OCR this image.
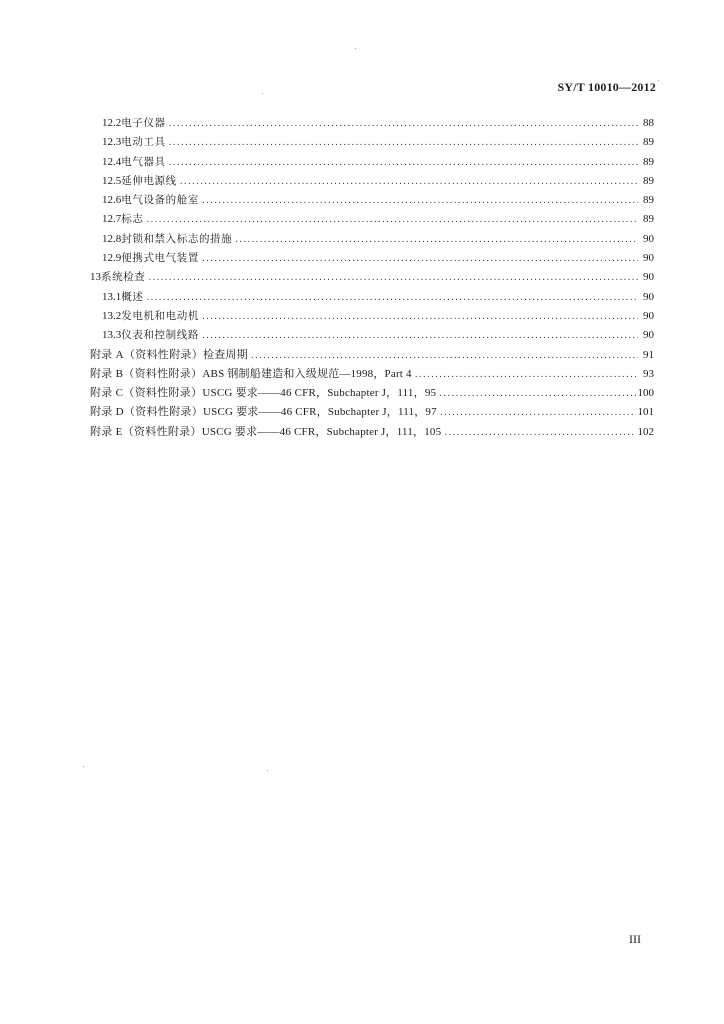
SY/T 10010—2012
12.2 电子仪器 .....	88
12.3 电动工具 .....	89
12.4 电气器具 .....	89
12.5 延伸电源线 .....	89
12.6 电气设备的舱室 .....	89
12.7 标志 .....	89
12.8 封锁和禁入标志的措施 .....	90
12.9 便携式电气装置 .....	90
13 系统检查 .....	90
13.1 概述 .....	90
13.2 发电机和电动机 .....	90
13.3 仪表和控制线路 .....	90
附录 A（资料性附录） 检查周期 .....	91
附录 B（资料性附录） ABS 钢制船建造和入级规范—1998，Part 4 .....	93
附录 C（资料性附录） USCG 要求——46 CFR，Subchapter J，111，95 .....	100
附录 D（资料性附录） USCG 要求——46 CFR，Subchapter J，111，97 .....	101
附录 E（资料性附录） USCG 要求——46 CFR，Subchapter J，111，105 .....	102
III
